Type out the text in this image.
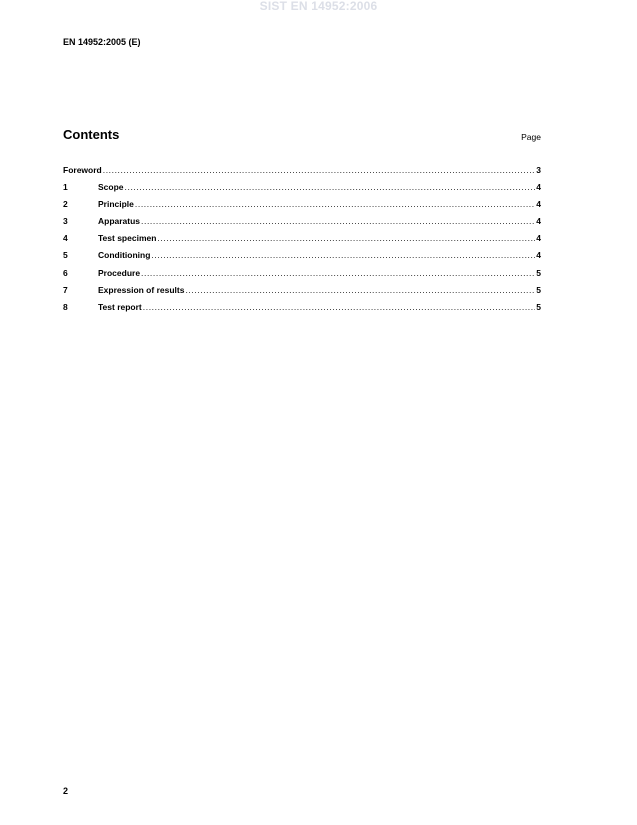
SIST EN 14952:2006
EN 14952:2005 (E)
Contents	Page
Foreword .....	3
1	Scope .....	4
2	Principle .....	4
3	Apparatus .....	4
4	Test specimen .....	4
5	Conditioning .....	4
6	Procedure .....	5
7	Expression of results .....	5
8	Test report .....	5
2
